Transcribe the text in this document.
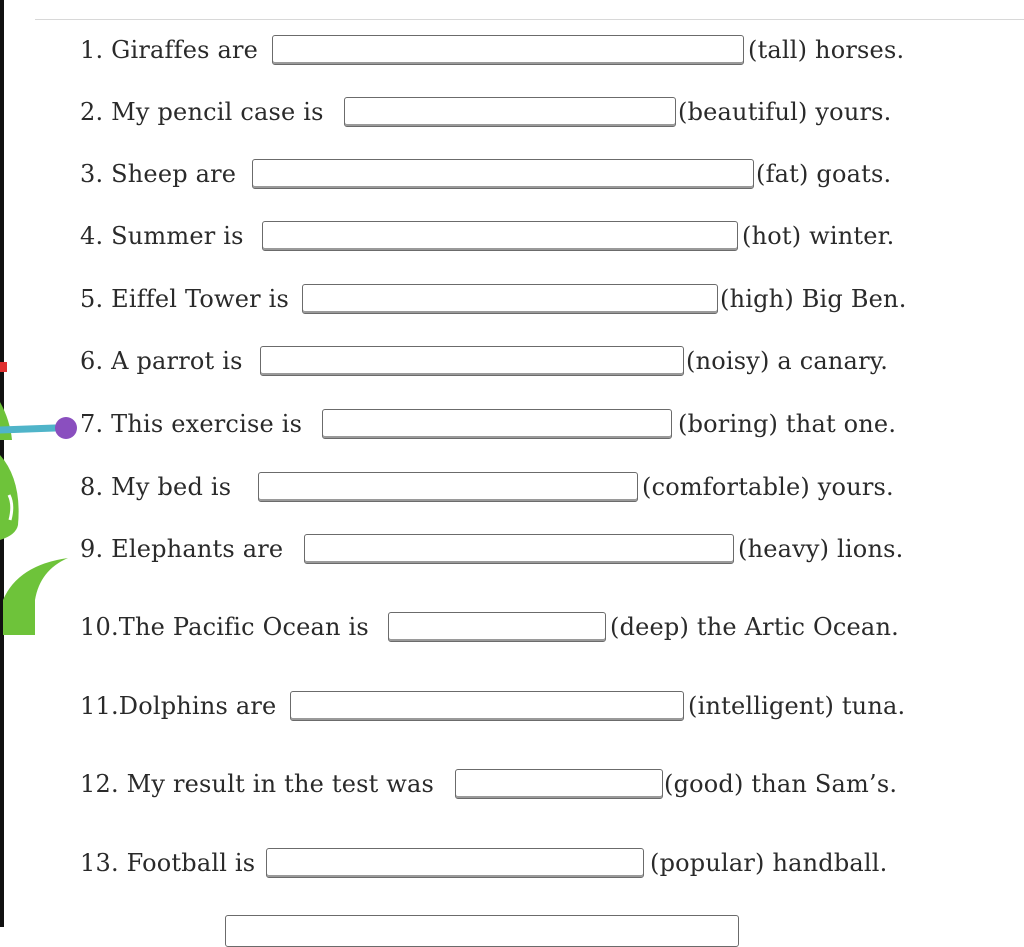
1. Giraffes are	(tall) horses.
2. My pencil case is	(beautiful) yours.
3. Sheep are	(fat) goats.
4. Summer is	(hot) winter.
5. Eiffel Tower is	(high) Big Ben.
6. A parrot is	(noisy) a canary.
7. This exercise is	(boring) that one.
8. My bed is	(comfortable) yours.
9. Elephants are	(heavy) lions.
10.The Pacific Ocean is	(deep) the Artic Ocean.
11.Dolphins are	(intelligent) tuna.
12. My result in the test was	(good) than Sam’s.
13. Football is	(popular) handball.
